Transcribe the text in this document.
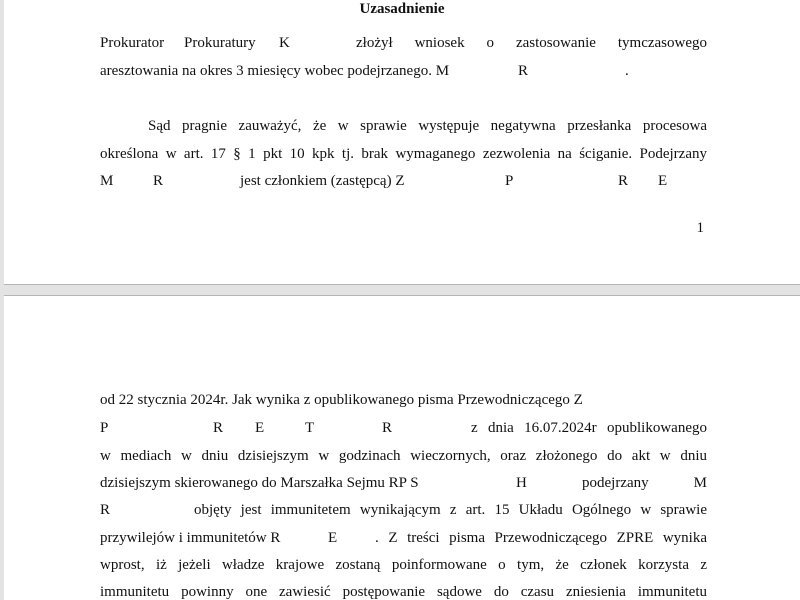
Uzasadnienie
Prokurator Prokuratury K	złożył wniosek o zastosowanie tymczasowego
aresztowania na okres 3 miesięcy wobec podejrzanego. M	R	.
Sąd pragnie zauważyć, że w sprawie występuje negatywna przesłanka procesowa
określona w art. 17 § 1 pkt 10 kpk tj. brak wymaganego zezwolenia na ściganie. Podejrzany
M	R	jest członkiem (zastępcą) Z	P	R E
1
od 22 stycznia 2024r. Jak wynika z opublikowanego pisma Przewodniczącego Z
P	R E	T	R	z dnia 16.07.2024r opublikowanego
w mediach w dniu dzisiejszym w godzinach wieczornych, oraz złożonego do akt w dniu
dzisiejszym skierowanego do Marszałka Sejmu RP S	H	podejrzany M
R	objęty jest immunitetem wynikającym z art. 15 Układu Ogólnego w sprawie
przywilejów i immunitetów R	E	. Z treści pisma Przewodniczącego ZPRE wynika
wprost, iż jeżeli władze krajowe zostaną poinformowane o tym, że członek korzysta z
immunitetu powinny one zawiesić postępowanie sądowe do czasu zniesienia immunitetu
